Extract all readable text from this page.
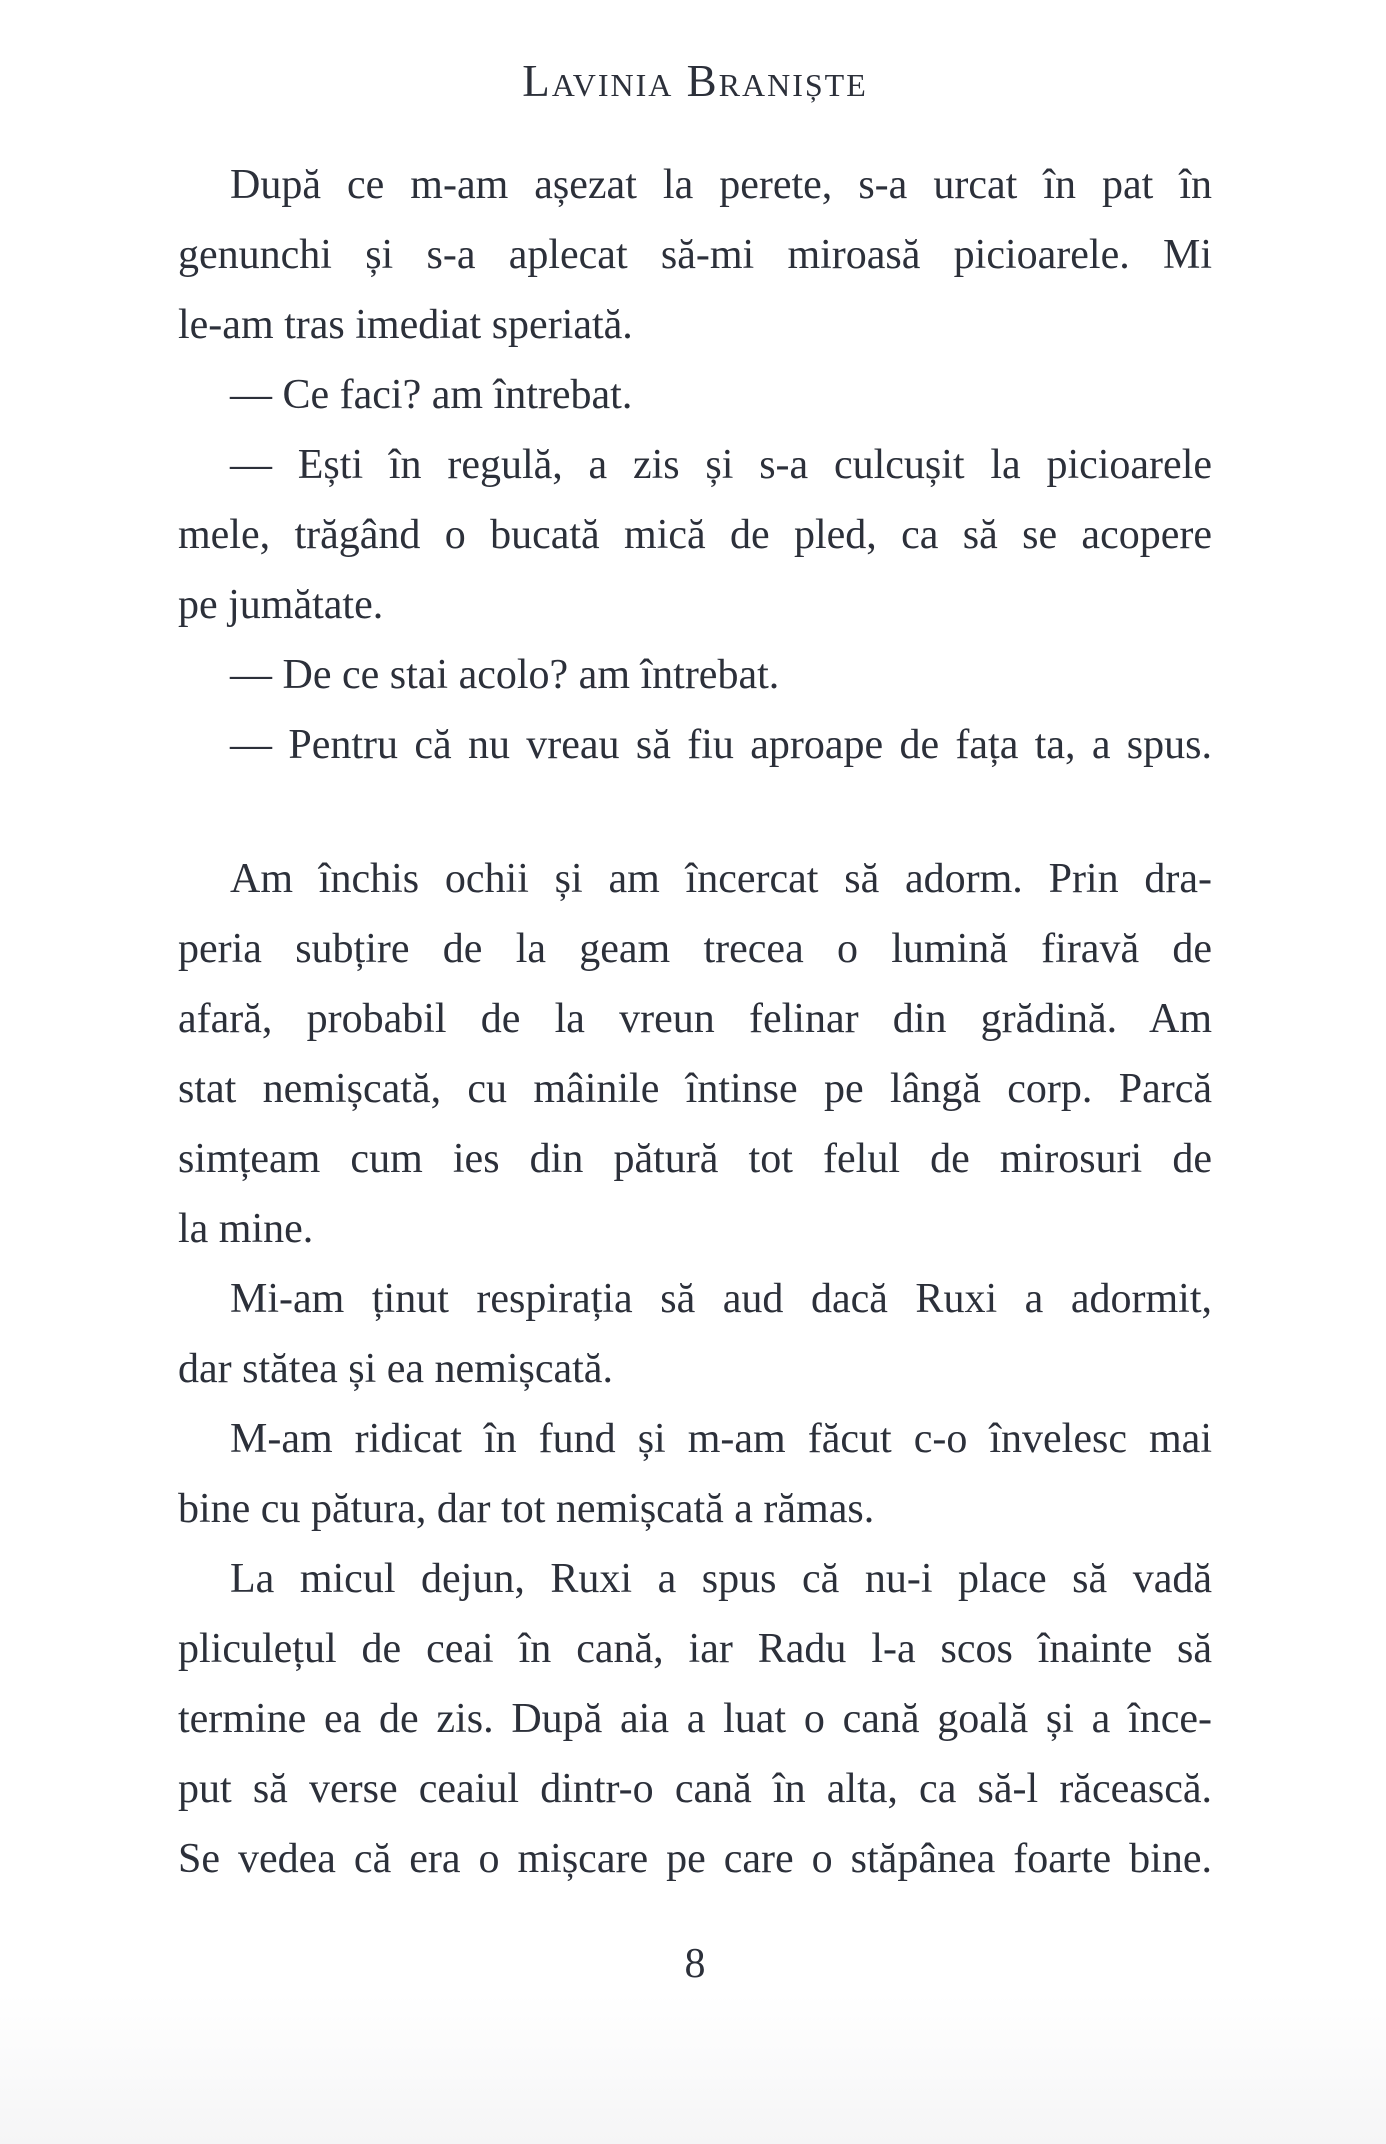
Lavinia Braniște
După ce m-am așezat la perete, s-a urcat în pat în
genunchi și s-a aplecat să-mi miroasă picioarele. Mi
le-am tras imediat speriată.
— Ce faci? am întrebat.
— Ești în regulă, a zis și s-a culcușit la picioarele
mele, trăgând o bucată mică de pled, ca să se acopere
pe jumătate.
— De ce stai acolo? am întrebat.
— Pentru că nu vreau să fiu aproape de fața ta, a spus.
Am închis ochii și am încercat să adorm. Prin dra-
peria subțire de la geam trecea o lumină firavă de
afară, probabil de la vreun felinar din grădină. Am
stat nemișcată, cu mâinile întinse pe lângă corp. Parcă
simțeam cum ies din pătură tot felul de mirosuri de
la mine.
Mi-am ținut respirația să aud dacă Ruxi a adormit,
dar stătea și ea nemișcată.
M-am ridicat în fund și m-am făcut c-o învelesc mai
bine cu pătura, dar tot nemișcată a rămas.
La micul dejun, Ruxi a spus că nu-i place să vadă
pliculețul de ceai în cană, iar Radu l-a scos înainte să
termine ea de zis. După aia a luat o cană goală și a înce-
put să verse ceaiul dintr-o cană în alta, ca să-l răcească.
Se vedea că era o mișcare pe care o stăpânea foarte bine.
8
